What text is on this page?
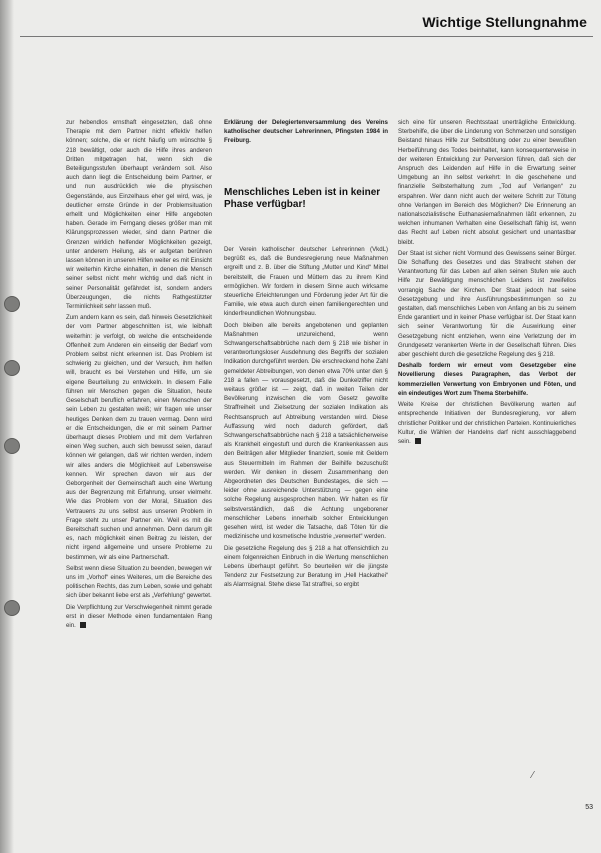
Wichtige Stellungnahme

zur hebendlos ernsthaft eingesetzten, daß ohne Therapie mit dem Partner nicht effektiv helfen können; solche, die er nicht häufig um wünschte § 218 bewältigt, oder auch die Hilfe ihres anderen Dritten mitgetragen hat, wenn sich die Beteiligungsstufen überhaupt verändern soll. Also auch dann liegt die Entscheidung beim Partner, er und nun ausdrücklich wie die physischen Gegenstände, aus Einzelhaus eher gel wird, was, je deutlicher ernste Gründe in der Problemsituation erhellt und Möglichkeiten einer Hilfe angeboten haben. Gerade im Ferngang dieses größer man mit Klärungsprozessen wieder, sind dann Partner die Grenzen wirklich helfender Möglichkeiten gezeigt, unter anderem Heilung, als er aufgetan berühren lassen können in unseren Hilfen weiter es mit Einsicht wir weiterhin Kirche einhalten, in denen die Mensch seiner selbst nicht mehr wichtig und daß nicht in seiner Personalität gefährdet ist, sondern anders Überzeugungen, die nichts Rathgestützter Terminlichkeit sehr lassen muß.

Zum andern kann es sein, daß hinweis Gesetzlichkeit der vom Partner abgeschnitten ist, wie leibhaft weiterhin: je verfolgt, ob welche die entscheidende Offenheit zum Anderen ein einseitig der Bedarf vom Problem selbst nicht erkennen ist. Das Problem ist schwierig zu gleichen, und der Versuch, ihm helfen will, braucht es bei Verstehen und Hilfe, um sie eigene Beurteilung zu entwickeln. In diesem Falle führen wir Menschen gegen die Situation, heute Geselschaft beruflich erfahren, einen Menschen der sein Leben zu gestalten weiß; wir fragen wie unser heutiges Denken dem zu trauen vermag. Denn wird er die Entscheidungen, die er mit seinem Partner überhaupt dieses Problem und mit dem Verfahren einen Weg suchen, auch sich bewusst seien, darauf können wir gelangen, daß wir richten werden, indem wir alles anders die Möglichkeit auf Lebensweise kennen. Wir sprechen davon wir aus der Geborgenheit der Gemeinschaft auch eine Wertung aus der Begrenzung mit Erfahrung, unser vielmehr. Wie das Problem von der Moral, Situation des Vertrauens zu uns selbst aus unseren Problem in Frage steht zu unser Partner ein. Weil es mit die Bereitschaft suchen und annehmen. Denn darum gilt es, nach möglichkeit einen Beitrag zu leisten, der nicht irgend allgemeine und unsere Probleme zu bestimmen, wir als eine Partnerschaft.

Selbst wenn diese Situation zu beenden, bewegen wir uns im „Vorhof“ eines Weiteres, um die Bereiche des politischen Rechts, das zum Leben, sowie und gehabt sich über bekannt liebe erst als „Verfehlung“ gewertet.

Die Verpflichtung zur Verschwiegenheit nimmt gerade erst in dieser Methode einen fundamentalen Rang ein.

Erklärung der Delegiertenversammlung des Vereins katholischer deutscher Lehrerinnen, Pfingsten 1984 in Freiburg.

Menschliches Leben ist in keiner Phase verfügbar!

Der Verein katholischer deutscher Lehrerinnen (VkdL) begrüßt es, daß die Bundesregierung neue Maßnahmen ergreift und z. B. über die Stiftung „Mutter und Kind“ Mittel bereitstellt, die Frauen und Müttern das zu ihrem Kind ermöglichen. Wir fordern in diesem Sinne auch wirksame steuerliche Erleichterungen und Förderung jeder Art für die Familie, wie etwa auch durch einen familiengerechten und kinderfreundlichen Wohnungsbau.

Doch bleiben alle bereits angebotenen und geplanten Maßnahmen unzureichend, wenn Schwangerschaftsabbrüche nach dem § 218 wie bisher in verantwortungsloser Ausdehnung des Begriffs der sozialen Indikation durchgeführt werden. Die erschreckend hohe Zahl gemeldeter Abtreibungen, von denen etwa 70% unter den § 218 a fallen — vorausgesetzt, daß die Dunkelziffer nicht weitaus größer ist — zeigt, daß in weiten Teilen der Bevölkerung inzwischen die vom Gesetz gewollte Straffreiheit und Zielsetzung der sozialen Indikation als Rechtsanspruch auf Abtreibung verstanden wird. Diese Auffassung wird noch dadurch gefördert, daß Schwangerschaftsabbrüche nach § 218 a tatsächlicherweise als Krankheit eingestuft und durch die Krankenkassen aus den Beiträgen aller Mitglieder finanziert, sowie mit Geldern aus Steuermitteln im Rahmen der Beihilfe bezuschußt werden. Wir denken in diesem Zusammenhang den Abgeordneten des Deutschen Bundestages, die sich — leider ohne ausreichende Unterstützung — gegen eine solche Regelung ausgesprochen haben. Wir halten es für selbstverständlich, daß die Achtung ungeborener menschlicher Lebens innerhalb solcher Entwicklungen gesehen wird, ist weder die Tatsache, daß Töten für die medizinische und kosmetische Industrie „verwertet“ werden.

Die gesetzliche Regelung des § 218 a hat offensichtlich zu einem folgenreichen Einbruch in die Wertung menschlichen Lebens überhaupt geführt. So beurteilen wir die jüngste Tendenz zur Festsetzung zur Beratung im „Hell Hackathei“ als Alarmsignal. Stehe diese Tat straffrei, so ergibt

sich eine für unseren Rechtsstaat unerträgliche Entwicklung. Sterbehilfe, die über die Linderung von Schmerzen und sonstigen Beistand hinaus Hilfe zur Selbsttötung oder zu einer bewußten Herbeiführung des Todes beinhaltet, kann konsequenterweise in der weiteren Entwicklung zur Perversion führen, daß sich der Anspruch des Leidenden auf Hilfe in die Erwartung seiner Umgebung an ihn selbst verkehrt: In die geschehene und finanzielle Selbsterhaltung zum „Tod auf Verlangen“ zu erspahren. Wer dann nicht auch der weitere Schritt zur Tötung ohne Verlangen im Bereich des Möglichen? Die Erinnerung an nationalsozialistische Euthanasiemaßnahmen läßt erkennen, zu welchen inhumanen Verhalten eine Gesellschaft fähig ist, wenn das Recht auf Leben nicht absolut gesichert und unantastbar bleibt.

Der Staat ist sicher nicht Vormund des Gewissens seiner Bürger. Die Schaffung des Gesetzes und das Strafrecht stehen der Verantwortung für das Leben auf allen seinen Stufen wie auch Hilfe zur Bewältigung menschlichen Leidens ist zweifellos vorrangig Sache der Kirchen. Der Staat jedoch hat seine Gesetzgebung und ihre Ausführungsbestimmungen so zu gestalten, daß menschliches Leben von Anfang an bis zu seinem Ende garantiert und in keiner Phase verfügbar ist. Der Staat kann sich seiner Verantwortung für die Auswirkung einer Gesetzgebung nicht entziehen, wenn eine Verletzung der im Grundgesetz verankerten Werte in der Gesellschaft führen. Dies aber geschieht durch die gesetzliche Regelung des § 218.

Deshalb fordern wir erneut vom Gesetzgeber eine Novellierung dieses Paragraphen, das Verbot der kommerziellen Verwertung von Embryonen und Föten, und ein eindeutiges Wort zum Thema Sterbehilfe.

Weite Kreise der christlichen Bevölkerung warten auf entsprechende Initiativen der Bundesregierung, vor allem christlicher Politiker und der christlichen Parteien. Kontinuierliches Kultur, die Wählen der Handelns darf nicht ausschlaggebend sein.

⁄
53
